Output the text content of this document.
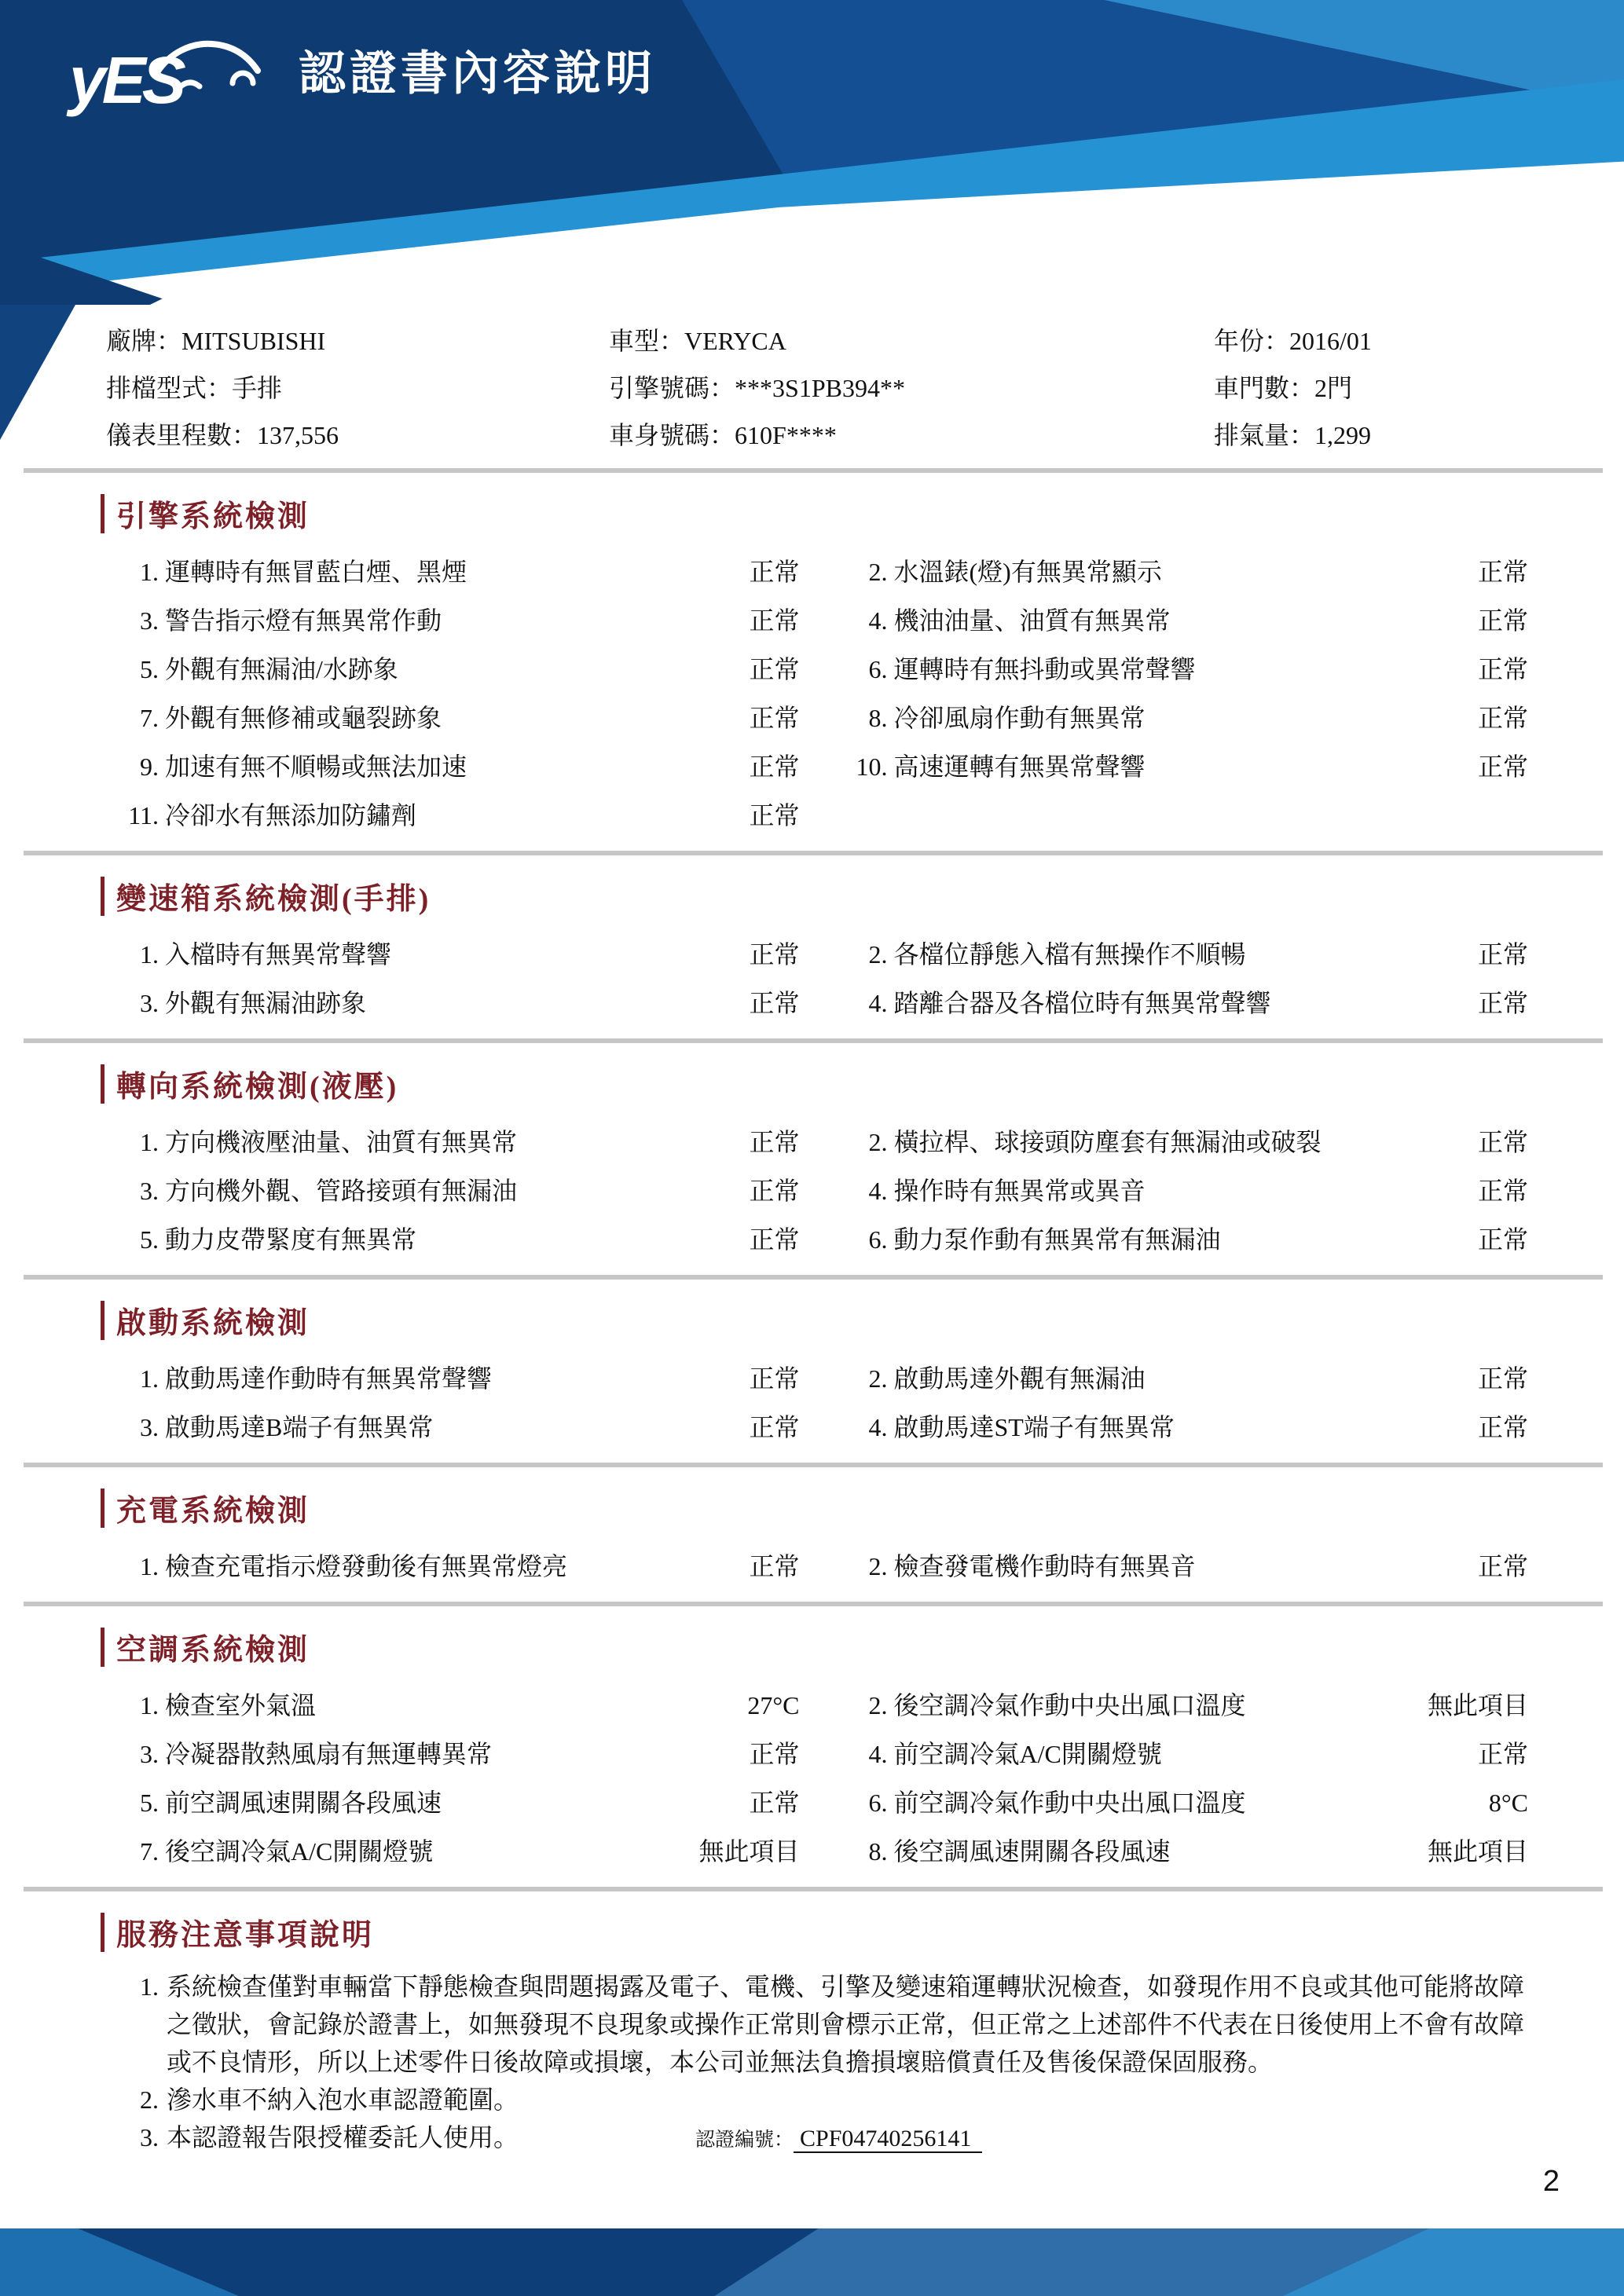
yES 認證書內容說明
廠牌：MITSUBISHI	車型：VERYCA	年份：2016/01
排檔型式：手排	引擎號碼：***3S1PB394**	車門數：2門
儀表里程數：137,556	車身號碼：610F****	排氣量：1,299
引擎系統檢測
1. 運轉時有無冒藍白煙、黑煙	正常	2. 水溫錶(燈)有無異常顯示	正常
3. 警告指示燈有無異常作動	正常	4. 機油油量、油質有無異常	正常
5. 外觀有無漏油/水跡象	正常	6. 運轉時有無抖動或異常聲響	正常
7. 外觀有無修補或龜裂跡象	正常	8. 冷卻風扇作動有無異常	正常
9. 加速有無不順暢或無法加速	正常	10. 高速運轉有無異常聲響	正常
11. 冷卻水有無添加防鏽劑	正常
變速箱系統檢測(手排)
1. 入檔時有無異常聲響	正常	2. 各檔位靜態入檔有無操作不順暢	正常
3. 外觀有無漏油跡象	正常	4. 踏離合器及各檔位時有無異常聲響	正常
轉向系統檢測(液壓)
1. 方向機液壓油量、油質有無異常	正常	2. 橫拉桿、球接頭防塵套有無漏油或破裂	正常
3. 方向機外觀、管路接頭有無漏油	正常	4. 操作時有無異常或異音	正常
5. 動力皮帶緊度有無異常	正常	6. 動力泵作動有無異常有無漏油	正常
啟動系統檢測
1. 啟動馬達作動時有無異常聲響	正常	2. 啟動馬達外觀有無漏油	正常
3. 啟動馬達B端子有無異常	正常	4. 啟動馬達ST端子有無異常	正常
充電系統檢測
1. 檢查充電指示燈發動後有無異常燈亮	正常	2. 檢查發電機作動時有無異音	正常
空調系統檢測
1. 檢查室外氣溫	27°C	2. 後空調冷氣作動中央出風口溫度	無此項目
3. 冷凝器散熱風扇有無運轉異常	正常	4. 前空調冷氣A/C開關燈號	正常
5. 前空調風速開關各段風速	正常	6. 前空調冷氣作動中央出風口溫度	8°C
7. 後空調冷氣A/C開關燈號	無此項目	8. 後空調風速開關各段風速	無此項目
服務注意事項說明
1. 系統檢查僅對車輛當下靜態檢查與問題揭露及電子、電機、引擎及變速箱運轉狀況檢查，如發現作用不良或其他可能將故障之徵狀，會記錄於證書上，如無發現不良現象或操作正常則會標示正常，但正常之上述部件不代表在日後使用上不會有故障或不良情形，所以上述零件日後故障或損壞，本公司並無法負擔損壞賠償責任及售後保證保固服務。
2. 滲水車不納入泡水車認證範圍。
3. 本認證報告限授權委託人使用。	認證編號： CPF04740256141
2
